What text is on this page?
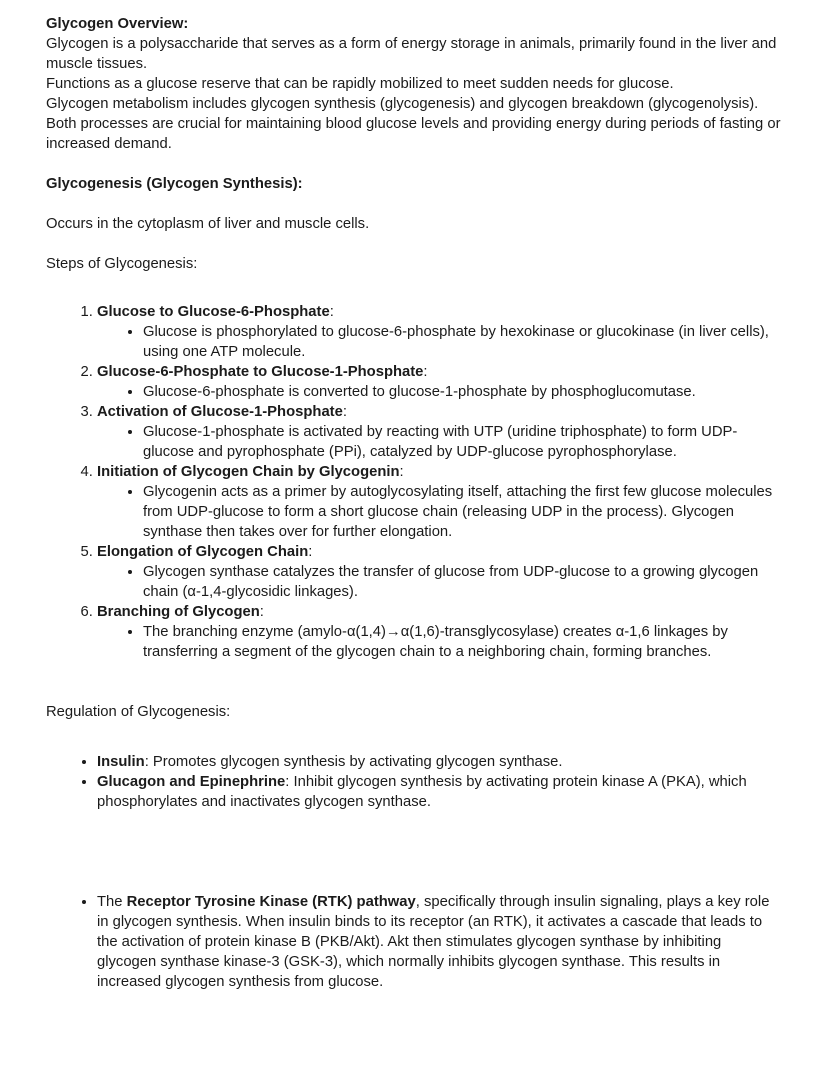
Glycogen Overview:

Glycogen is a polysaccharide that serves as a form of energy storage in animals, primarily found in the liver and muscle tissues.

Functions as a glucose reserve that can be rapidly mobilized to meet sudden needs for glucose.

Glycogen metabolism includes glycogen synthesis (glycogenesis) and glycogen breakdown (glycogenolysis). Both processes are crucial for maintaining blood glucose levels and providing energy during periods of fasting or increased demand.

Glycogenesis (Glycogen Synthesis):

Occurs in the cytoplasm of liver and muscle cells.

Steps of Glycogenesis:

1. Glucose to Glucose-6-Phosphate:
• Glucose is phosphorylated to glucose-6-phosphate by hexokinase or glucokinase (in liver cells), using one ATP molecule.
2. Glucose-6-Phosphate to Glucose-1-Phosphate:
• Glucose-6-phosphate is converted to glucose-1-phosphate by phosphoglucomutase.
3. Activation of Glucose-1-Phosphate:
• Glucose-1-phosphate is activated by reacting with UTP (uridine triphosphate) to form UDP-glucose and pyrophosphate (PPi), catalyzed by UDP-glucose pyrophosphorylase.
4. Initiation of Glycogen Chain by Glycogenin:
• Glycogenin acts as a primer by autoglycosylating itself, attaching the first few glucose molecules from UDP-glucose to form a short glucose chain (releasing UDP in the process). Glycogen synthase then takes over for further elongation.
5. Elongation of Glycogen Chain:
• Glycogen synthase catalyzes the transfer of glucose from UDP-glucose to a growing glycogen chain (α-1,4-glycosidic linkages).
6. Branching of Glycogen:
• The branching enzyme (amylo-α(1,4)→α(1,6)-transglycosylase) creates α-1,6 linkages by transferring a segment of the glycogen chain to a neighboring chain, forming branches.

Regulation of Glycogenesis:

• Insulin: Promotes glycogen synthesis by activating glycogen synthase.
• Glucagon and Epinephrine: Inhibit glycogen synthesis by activating protein kinase A (PKA), which phosphorylates and inactivates glycogen synthase.
• The Receptor Tyrosine Kinase (RTK) pathway, specifically through insulin signaling, plays a key role in glycogen synthesis. When insulin binds to its receptor (an RTK), it activates a cascade that leads to the activation of protein kinase B (PKB/Akt). Akt then stimulates glycogen synthase by inhibiting glycogen synthase kinase-3 (GSK-3), which normally inhibits glycogen synthase. This results in increased glycogen synthesis from glucose.
